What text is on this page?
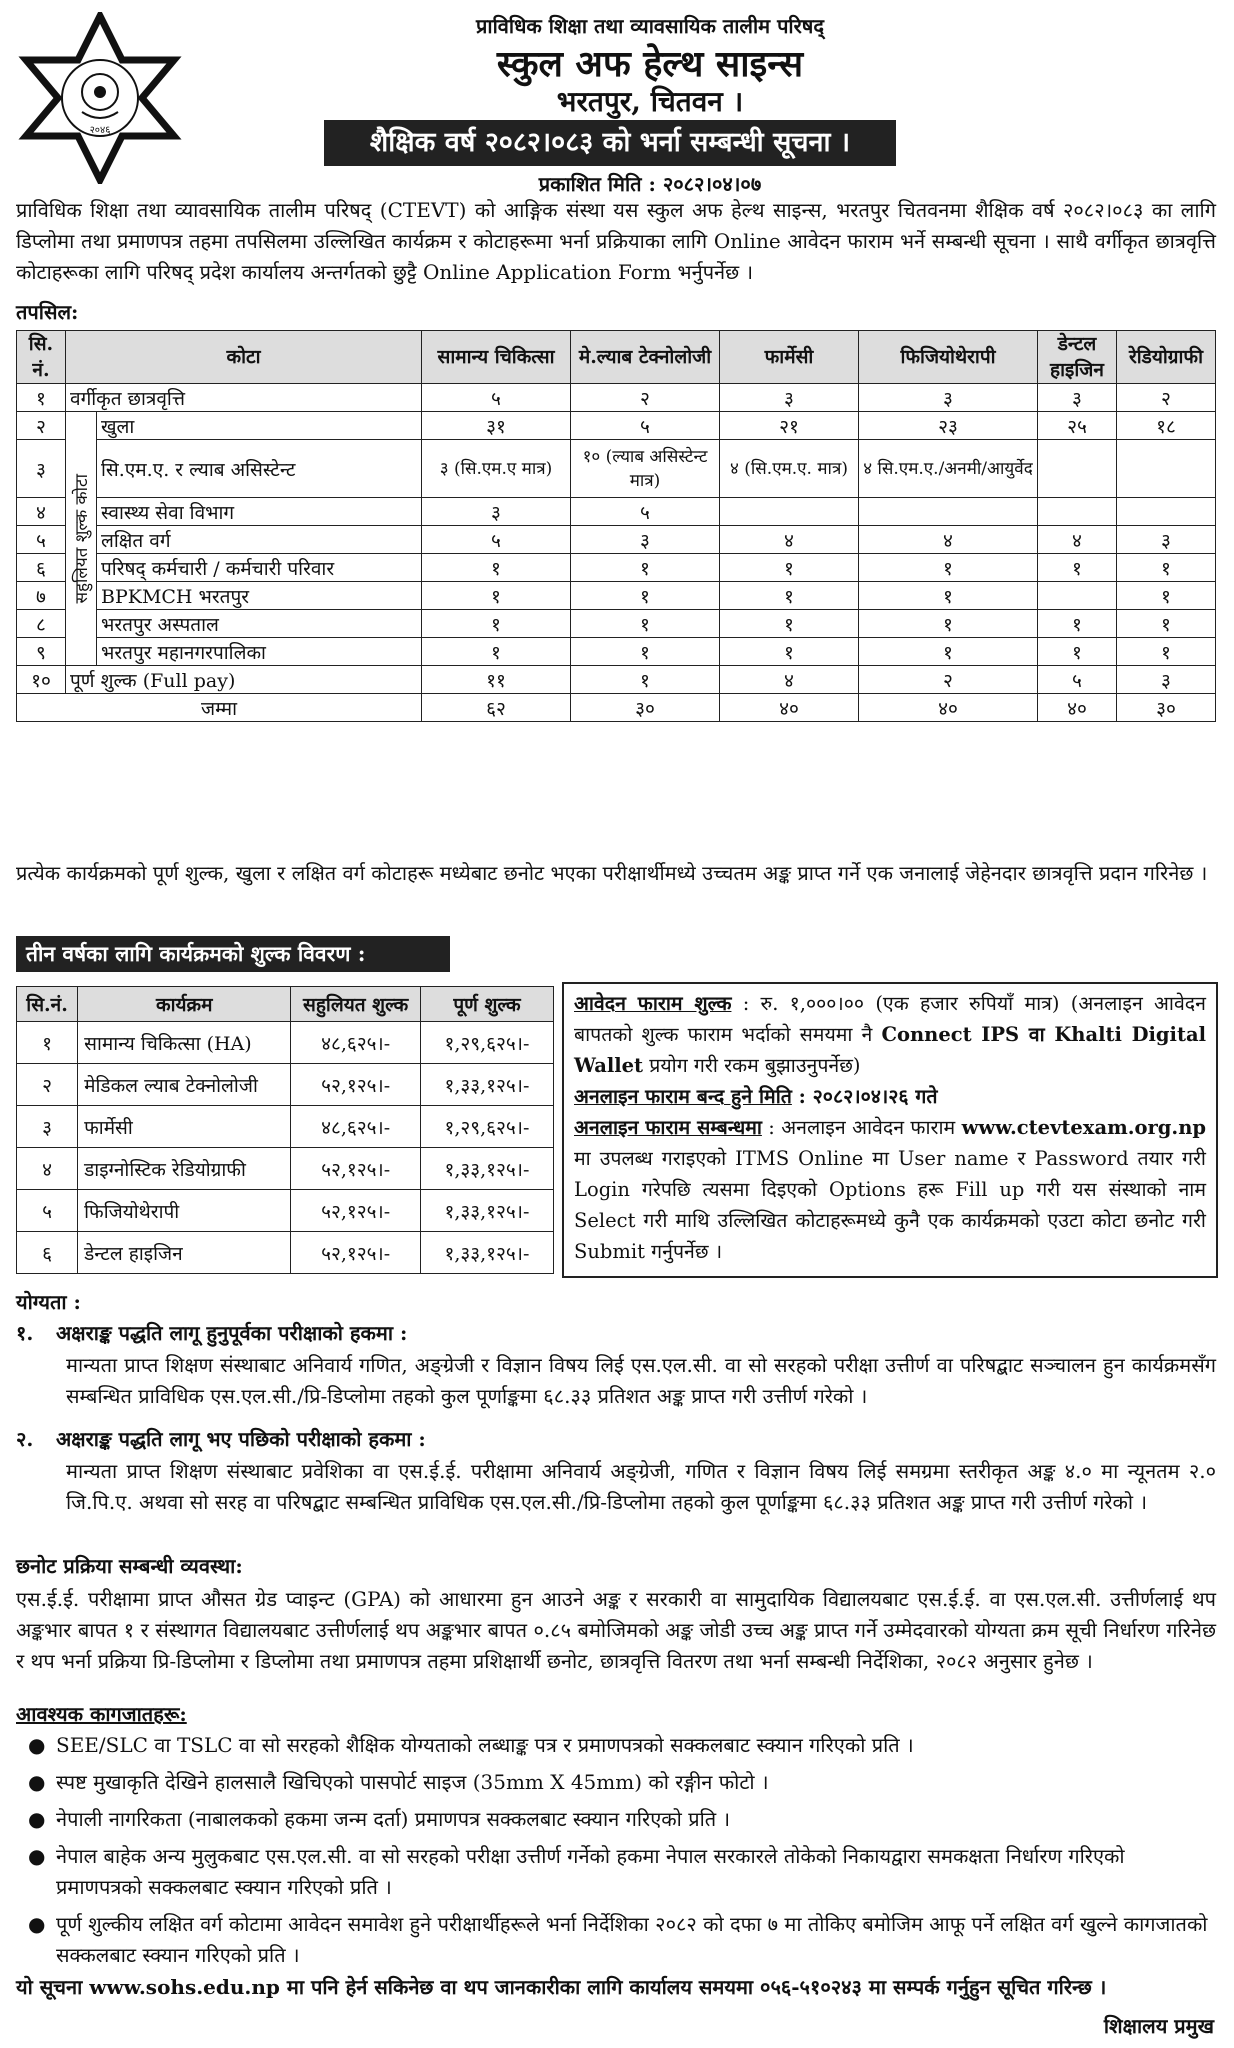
२०४६
प्राविधिक शिक्षा तथा व्यावसायिक तालीम परिषद्
स्कुल अफ हेल्थ साइन्स
भरतपुर, चितवन ।
शैक्षिक वर्ष २०८२।०८३ को भर्ना सम्बन्धी सूचना ।
प्रकाशित मिति : २०८२।०४।०७
प्राविधिक शिक्षा तथा व्यावसायिक तालीम परिषद् (CTEVT) को आङ्गिक संस्था यस स्कुल अफ हेल्थ साइन्स, भरतपुर चितवनमा शैक्षिक वर्ष २०८२।०८३ का लागि डिप्लोमा तथा प्रमाणपत्र तहमा तपसिलमा उल्लिखित कार्यक्रम र कोटाहरूमा भर्ना प्रक्रियाका लागि Online आवेदन फाराम भर्ने सम्बन्धी सूचना । साथै वर्गीकृत छात्रवृत्ति कोटाहरूका लागि परिषद् प्रदेश कार्यालय अन्तर्गतको छुट्टै Online Application Form भर्नुपर्नेछ ।
तपसिल:
सि. नं.	कोटा		सामान्य चिकित्सा	मे.ल्याब टेक्नोलोजी	फार्मेसी	फिजियोथेरापी	डेन्टल हाइजिन	रेडियोग्राफी
१	वर्गीकृत छात्रवृत्ति		५	२	३	३	३	२
२	सहुलियत शुल्क कोटा	खुला	३१	५	२१	२३	२५	१८
३		सि.एम.ए. र ल्याब असिस्टेन्ट	३ (सि.एम.ए मात्र)	१० (ल्याब असिस्टेन्ट मात्र)	४ (सि.एम.ए. मात्र)	४ सि.एम.ए./अनमी/आयुर्वेद		
४		स्वास्थ्य सेवा विभाग	३	५				
५		लक्षित वर्ग	५	३	४	४	४	३
६		परिषद् कर्मचारी / कर्मचारी परिवार	१	१	१	१	१	१
७		BPKMCH भरतपुर	१	१	१	१		१
८		भरतपुर अस्पताल	१	१	१	१	१	१
९		भरतपुर महानगरपालिका	१	१	१	१	१	१
१०	पूर्ण शुल्क (Full pay)		११	१	४	२	५	३
जम्मा			६२	३०	४०	४०	४०	३०
प्रत्येक कार्यक्रमको पूर्ण शुल्क, खुला र लक्षित वर्ग कोटाहरू मध्येबाट छनोट भएका परीक्षार्थीमध्ये उच्चतम अङ्क प्राप्त गर्ने एक जनालाई जेहेनदार छात्रवृत्ति प्रदान गरिनेछ ।
तीन वर्षका लागि कार्यक्रमको शुल्क विवरण :
सि.नं.	कार्यक्रम	सहुलियत शुल्क	पूर्ण शुल्क
१	सामान्य चिकित्सा (HA)	४८,६२५।-	१,२९,६२५।-
२	मेडिकल ल्याब टेक्नोलोजी	५२,१२५।-	१,३३,१२५।-
३	फार्मेसी	४८,६२५।-	१,२९,६२५।-
४	डाइग्नोस्टिक रेडियोग्राफी	५२,१२५।-	१,३३,१२५।-
५	फिजियोथेरापी	५२,१२५।-	१,३३,१२५।-
६	डेन्टल हाइजिन	५२,१२५।-	१,३३,१२५।-
आवेदन फाराम शुल्क : रु. १,०००।०० (एक हजार रुपियाँ मात्र) (अनलाइन आवेदन बापतको शुल्क फाराम भर्दाको समयमा नै Connect IPS वा Khalti Digital Wallet प्रयोग गरी रकम बुझाउनुपर्नेछ)
अनलाइन फाराम बन्द हुने मिति : २०८२।०४।२६ गते
अनलाइन फाराम सम्बन्धमा : अनलाइन आवेदन फाराम www.ctevtexam.org.np मा उपलब्ध गराइएको ITMS Online मा User name र Password तयार गरी Login गरेपछि त्यसमा दिइएको Options हरू Fill up गरी यस संस्थाको नाम Select गरी माथि उल्लिखित कोटाहरूमध्ये कुनै एक कार्यक्रमको एउटा कोटा छनोट गरी Submit गर्नुपर्नेछ ।
योग्यता :
१. अक्षराङ्क पद्धति लागू हुनुपूर्वका परीक्षाको हकमा :
मान्यता प्राप्त शिक्षण संस्थाबाट अनिवार्य गणित, अङ्ग्रेजी र विज्ञान विषय लिई एस.एल.सी. वा सो सरहको परीक्षा उत्तीर्ण वा परिषद्बाट सञ्चालन हुन कार्यक्रमसँग सम्बन्धित प्राविधिक एस.एल.सी./प्रि-डिप्लोमा तहको कुल पूर्णाङ्कमा ६८.३३ प्रतिशत अङ्क प्राप्त गरी उत्तीर्ण गरेको ।
२. अक्षराङ्क पद्धति लागू भए पछिको परीक्षाको हकमा :
मान्यता प्राप्त शिक्षण संस्थाबाट प्रवेशिका वा एस.ई.ई. परीक्षामा अनिवार्य अङ्ग्रेजी, गणित र विज्ञान विषय लिई समग्रमा स्तरीकृत अङ्क ४.० मा न्यूनतम २.० जि.पि.ए. अथवा सो सरह वा परिषद्बाट सम्बन्धित प्राविधिक एस.एल.सी./प्रि-डिप्लोमा तहको कुल पूर्णाङ्कमा ६८.३३ प्रतिशत अङ्क प्राप्त गरी उत्तीर्ण गरेको ।
छनोट प्रक्रिया सम्बन्धी व्यवस्था:
एस.ई.ई. परीक्षामा प्राप्त औसत ग्रेड प्वाइन्ट (GPA) को आधारमा हुन आउने अङ्क र सरकारी वा सामुदायिक विद्यालयबाट एस.ई.ई. वा एस.एल.सी. उत्तीर्णलाई थप अङ्कभार बापत १ र संस्थागत विद्यालयबाट उत्तीर्णलाई थप अङ्कभार बापत ०.८५ बमोजिमको अङ्क जोडी उच्च अङ्क प्राप्त गर्ने उम्मेदवारको योग्यता क्रम सूची निर्धारण गरिनेछ र थप भर्ना प्रक्रिया प्रि-डिप्लोमा र डिप्लोमा तथा प्रमाणपत्र तहमा प्रशिक्षार्थी छनोट, छात्रवृत्ति वितरण तथा भर्ना सम्बन्धी निर्देशिका, २०८२ अनुसार हुनेछ ।
आवश्यक कागजातहरू:
● SEE/SLC वा TSLC वा सो सरहको शैक्षिक योग्यताको लब्धाङ्क पत्र र प्रमाणपत्रको सक्कलबाट स्क्यान गरिएको प्रति ।
● स्पष्ट मुखाकृति देखिने हालसालै खिचिएको पासपोर्ट साइज (35mm X 45mm) को रङ्गीन फोटो ।
● नेपाली नागरिकता (नाबालकको हकमा जन्म दर्ता) प्रमाणपत्र सक्कलबाट स्क्यान गरिएको प्रति ।
● नेपाल बाहेक अन्य मुलुकबाट एस.एल.सी. वा सो सरहको परीक्षा उत्तीर्ण गर्नेको हकमा नेपाल सरकारले तोकेको निकायद्वारा समकक्षता निर्धारण गरिएको प्रमाणपत्रको सक्कलबाट स्क्यान गरिएको प्रति ।
● पूर्ण शुल्कीय लक्षित वर्ग कोटामा आवेदन समावेश हुने परीक्षार्थीहरूले भर्ना निर्देशिका २०८२ को दफा ७ मा तोकिए बमोजिम आफू पर्ने लक्षित वर्ग खुल्ने कागजातको सक्कलबाट स्क्यान गरिएको प्रति ।
यो सूचना www.sohs.edu.np मा पनि हेर्न सकिनेछ वा थप जानकारीका लागि कार्यालय समयमा ०५६-५१०२४३ मा सम्पर्क गर्नुहुन सूचित गरिन्छ ।
शिक्षालय प्रमुख
